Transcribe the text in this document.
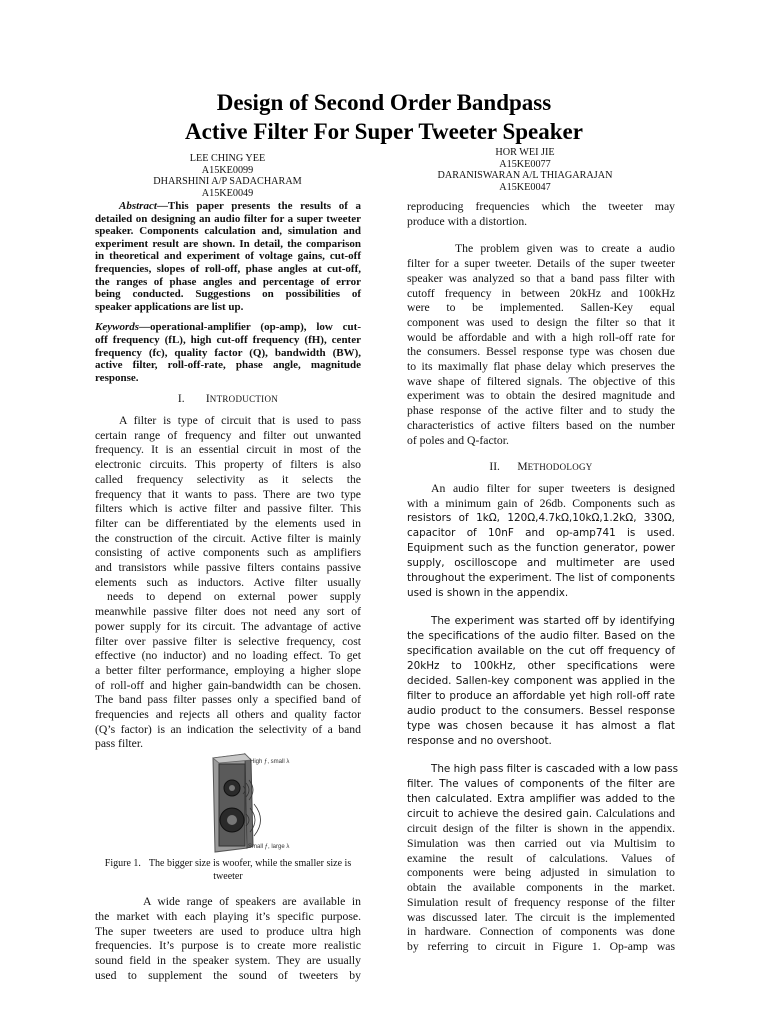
Design of Second Order Bandpass
Active Filter For Super Tweeter Speaker
LEE CHING YEE
A15KE0099
DHARSHINI A/P SADACHARAM
A15KE0049
HOR WEI JIE
A15KE0077
DARANISWARAN A/L THIAGARAJAN
A15KE0047
Abstract—This paper presents the results of a
detailed on designing an audio filter for a super tweeter
speaker. Components calculation and, simulation and
experiment result are shown. In detail, the comparison
in theoretical and experiment of voltage gains, cut-off
frequencies, slopes of roll-off, phase angles at cut-off,
the ranges of phase angles and percentage of error
being conducted. Suggestions on possibilities of
speaker applications are list up.
Keywords—operational-amplifier (op-amp), low cut-
off frequency (fL), high cut-off frequency (fH), center
frequency (fc), quality factor (Q), bandwidth (BW),
active filter, roll-off-rate, phase angle, magnitude
response.
I. INTRODUCTION
A filter is type of circuit that is used to pass
certain range of frequency and filter out unwanted
frequency. It is an essential circuit in most of the
electronic circuits. This property of filters is also
called frequency selectivity as it selects the
frequency that it wants to pass. There are two type
filters which is active filter and passive filter. This
filter can be differentiated by the elements used in
the construction of the circuit. Active filter is mainly
consisting of active components such as amplifiers
and transistors while passive filters contains passive
elements such as inductors. Active filter usually
needs to depend on external power supply
meanwhile passive filter does not need any sort of
power supply for its circuit. The advantage of active
filter over passive filter is selective frequency, cost
effective (no inductor) and no loading effect. To get
a better filter performance, employing a higher slope
of roll-off and higher gain-bandwidth can be chosen.
The band pass filter passes only a specified band of
frequencies and rejects all others and quality factor
(Q’s factor) is an indication the selectivity of a band
pass filter.
High ƒ, small λ
Small ƒ, large λ
Figure 1. The bigger size is woofer, while the smaller size is tweeter
A wide range of speakers are available in
the market with each playing it’s specific purpose.
The super tweeters are used to produce ultra high
frequencies. It’s purpose is to create more realistic
sound field in the speaker system. They are usually
used to supplement the sound of tweeters by
reproducing frequencies which the tweeter may
produce with a distortion.
The problem given was to create a audio
filter for a super tweeter. Details of the super tweeter
speaker was analyzed so that a band pass filter with
cutoff frequency in between 20kHz and 100kHz
were to be implemented. Sallen-Key equal
component was used to design the filter so that it
would be affordable and with a high roll-off rate for
the consumers. Bessel response type was chosen due
to its maximally flat phase delay which preserves the
wave shape of filtered signals. The objective of this
experiment was to obtain the desired magnitude and
phase response of the active filter and to study the
characteristics of active filters based on the number
of poles and Q-factor.
II. METHODOLOGY
An audio filter for super tweeters is designed
with a minimum gain of 26db. Components such as
resistors of 1kΩ, 120Ω,4.7kΩ,10kΩ,1.2kΩ, 330Ω,
capacitor of 10nF and op-amp741 is used.
Equipment such as the function generator, power
supply, oscilloscope and multimeter are used
throughout the experiment. The list of components
used is shown in the appendix.
The experiment was started off by identifying
the specifications of the audio filter. Based on the
specification available on the cut off frequency of
20kHz to 100kHz, other specifications were
decided. Sallen-key component was applied in the
filter to produce an affordable yet high roll-off rate
audio product to the consumers. Bessel response
type was chosen because it has almost a flat
response and no overshoot.
The high pass filter is cascaded with a low pass
filter. The values of components of the filter are
then calculated. Extra amplifier was added to the
circuit to achieve the desired gain. Calculations and
circuit design of the filter is shown in the appendix.
Simulation was then carried out via Multisim to
examine the result of calculations. Values of
components were being adjusted in simulation to
obtain the available components in the market.
Simulation result of frequency response of the filter
was discussed later. The circuit is the implemented
in hardware. Connection of components was done
by referring to circuit in Figure 1. Op-amp was
